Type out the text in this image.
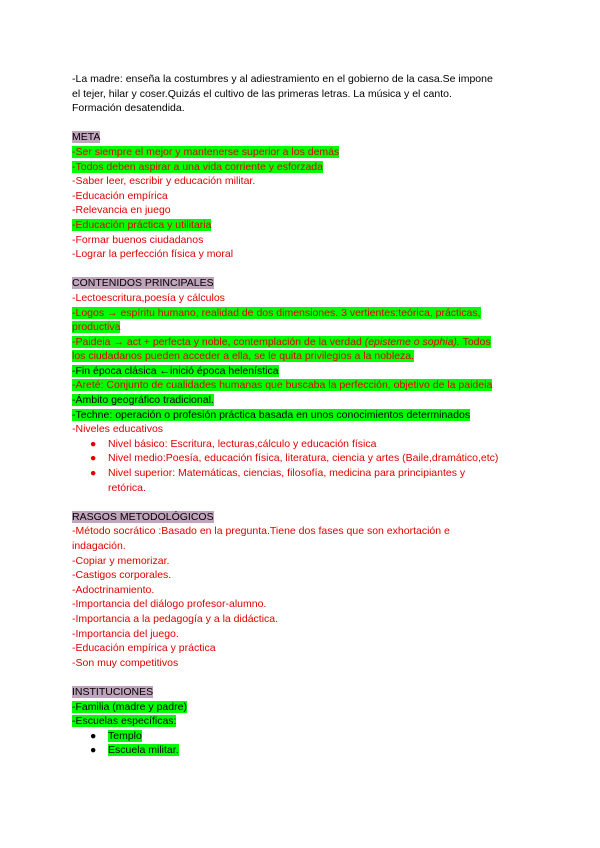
-La madre: enseña la costumbres y al adiestramiento en el gobierno de la casa.Se impone

el tejer, hilar y coser.Quizás el cultivo de las primeras letras. La música y el canto.

Formación desatendida.

META

-Ser siempre el mejor y mantenerse superior a los demás

-Todos deben aspirar a una vida corriente y esforzada

-Saber leer, escribir y educación militar.

-Educación empírica

-Relevancia en juego

-Educación práctica y utilitaria

-Formar buenos ciudadanos

-Lograr la perfección física y moral

CONTENIDOS PRINCIPALES

-Lectoescritura,poesía y cálculos

-Logos → espíritu humano, realidad de dos dimensiones. 3 vertientes:teórica, prácticas,

productiva

-Paideia → act + perfecta y noble, contemplación de la verdad (episteme o sophia). Todos

los ciudadanos pueden acceder a ella, se le quita privilegios a la nobleza.

-Fin época clásica ←inició época helenística

-Areté: Conjunto de cualidades humanas que buscaba la perfección, objetivo de la paideia

-Ámbito geográfico tradicional.

-Techne: operación o profesión práctica basada en unos conocimientos determinados

-Niveles educativos

● Nivel básico: Escritura, lecturas,cálculo y educación física
● Nivel medio:Poesía, educación física, literatura, ciencia y artes (Baile,dramático,etc)
● Nivel superior: Matemáticas, ciencias, filosofía, medicina para principiantes y
retórica.

RASGOS METODOLÓGICOS

-Método socrático :Basado en la pregunta.Tiene dos fases que son exhortación e

indagación.

-Copiar y memorizar.

-Castigos corporales.

-Adoctrinamiento.

-Importancia del diálogo profesor-alumno.

-Importancia a la pedagogía y a la didáctica.

-Importancia del juego.

-Educación empírica y práctica

-Son muy competitivos

INSTITUCIONES

-Familia (madre y padre)

-Escuelas específicas:

● Templo
● Escuela militar.
